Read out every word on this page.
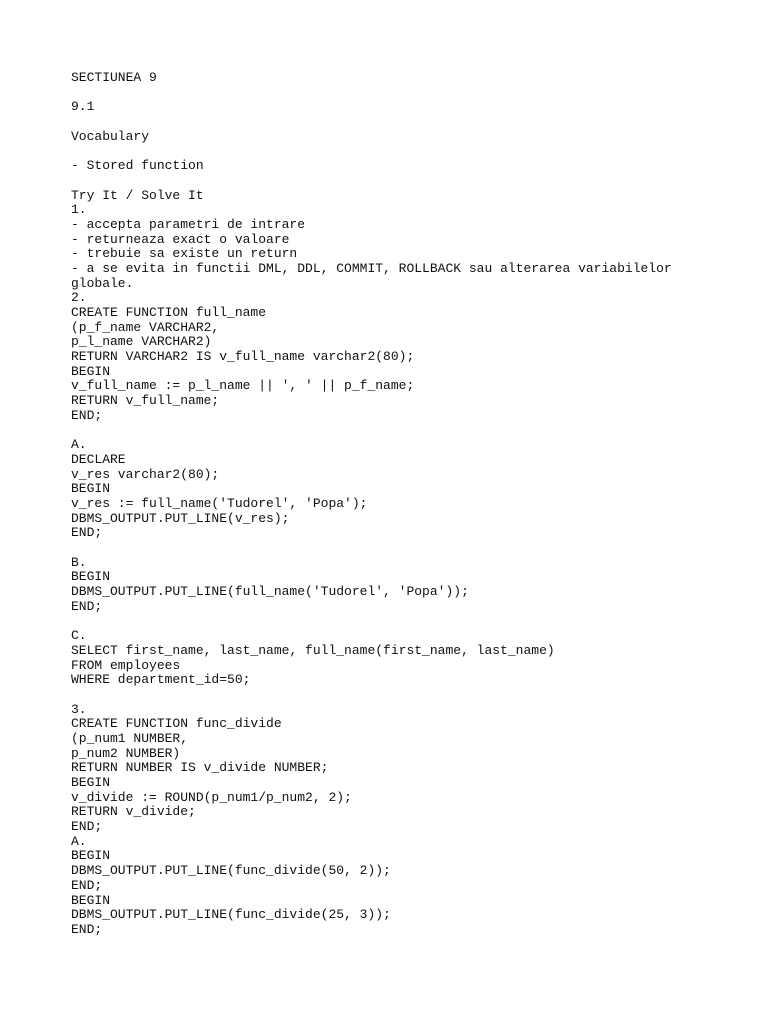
SECTIUNEA 9
9.1
Vocabulary
- Stored function
Try It / Solve It
1.
- accepta parametri de intrare
- returneaza exact o valoare
- trebuie sa existe un return
- a se evita in functii DML, DDL, COMMIT, ROLLBACK sau alterarea variabilelor
globale.
2.
CREATE FUNCTION full_name
(p_f_name VARCHAR2,
p_l_name VARCHAR2)
RETURN VARCHAR2 IS v_full_name varchar2(80);
BEGIN
v_full_name := p_l_name || ', ' || p_f_name;
RETURN v_full_name;
END;
A.
DECLARE
v_res varchar2(80);
BEGIN
v_res := full_name('Tudorel', 'Popa');
DBMS_OUTPUT.PUT_LINE(v_res);
END;
B.
BEGIN
DBMS_OUTPUT.PUT_LINE(full_name('Tudorel', 'Popa'));
END;
C.
SELECT first_name, last_name, full_name(first_name, last_name)
FROM employees
WHERE department_id=50;
3.
CREATE FUNCTION func_divide
(p_num1 NUMBER,
p_num2 NUMBER)
RETURN NUMBER IS v_divide NUMBER;
BEGIN
v_divide := ROUND(p_num1/p_num2, 2);
RETURN v_divide;
END;
A.
BEGIN
DBMS_OUTPUT.PUT_LINE(func_divide(50, 2));
END;
BEGIN
DBMS_OUTPUT.PUT_LINE(func_divide(25, 3));
END;
